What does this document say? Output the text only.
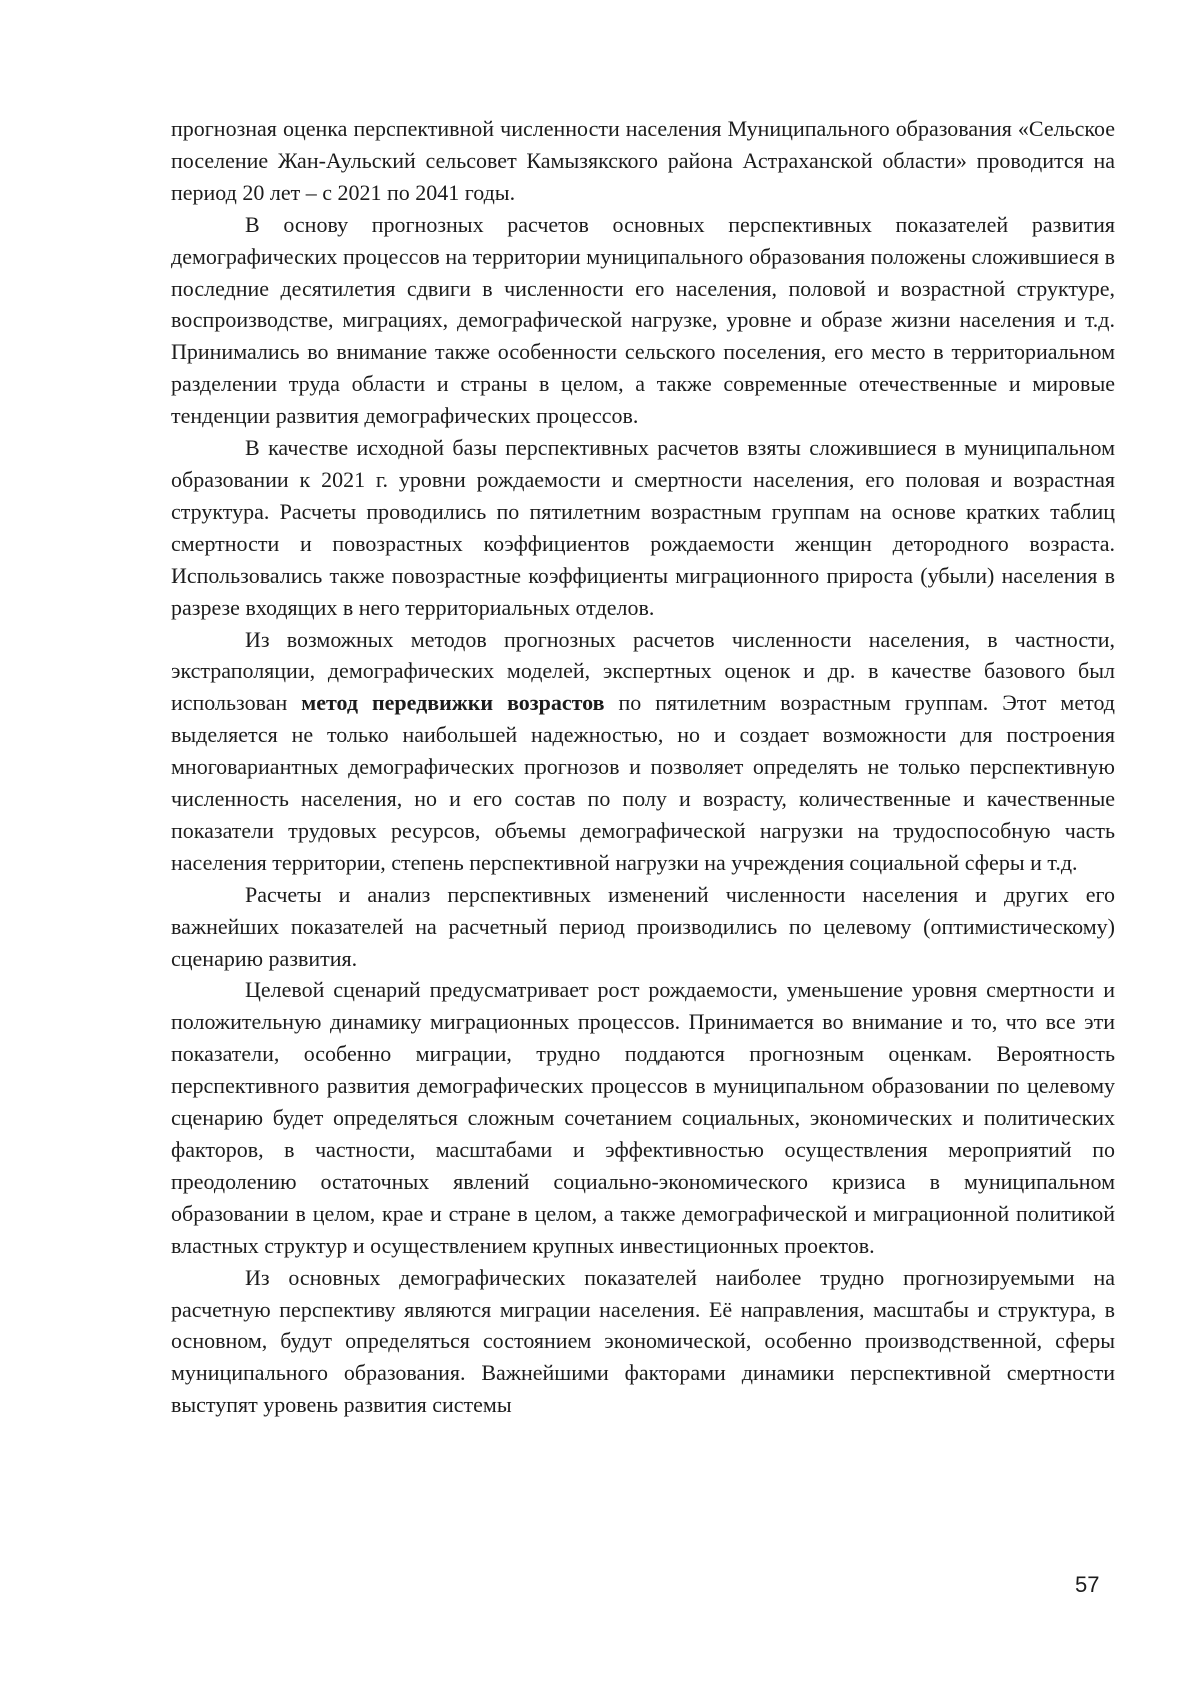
прогнозная оценка перспективной численности населения Муниципального образования «Сельское поселение Жан-Аульский сельсовет Камызякского района Астраханской области» проводится на период 20 лет – с 2021 по 2041 годы.

В основу прогнозных расчетов основных перспективных показателей развития демографических процессов на территории муниципального образования положены сложившиеся в последние десятилетия сдвиги в численности его населения, половой и возрастной структуре, воспроизводстве, миграциях, демографической нагрузке, уровне и образе жизни населения и т.д. Принимались во внимание также особенности сельского поселения, его место в территориальном разделении труда области и страны в целом, а также современные отечественные и мировые тенденции развития демографических процессов.

В качестве исходной базы перспективных расчетов взяты сложившиеся в муниципальном образовании к 2021 г. уровни рождаемости и смертности населения, его половая и возрастная структура. Расчеты проводились по пятилетним возрастным группам на основе кратких таблиц смертности и повозрастных коэффициентов рождаемости женщин детородного возраста. Использовались также повозрастные коэффициенты миграционного прироста (убыли) населения в разрезе входящих в него территориальных отделов.

Из возможных методов прогнозных расчетов численности населения, в частности, экстраполяции, демографических моделей, экспертных оценок и др. в качестве базового был использован метод передвижки возрастов по пятилетним возрастным группам. Этот метод выделяется не только наибольшей надежностью, но и создает возможности для построения многовариантных демографических прогнозов и позволяет определять не только перспективную численность населения, но и его состав по полу и возрасту, количественные и качественные показатели трудовых ресурсов, объемы демографической нагрузки на трудоспособную часть населения территории, степень перспективной нагрузки на учреждения социальной сферы и т.д.

Расчеты и анализ перспективных изменений численности населения и других его важнейших показателей на расчетный период производились по целевому (оптимистическому) сценарию развития.

Целевой сценарий предусматривает рост рождаемости, уменьшение уровня смертности и положительную динамику миграционных процессов. Принимается во внимание и то, что все эти показатели, особенно миграции, трудно поддаются прогнозным оценкам. Вероятность перспективного развития демографических процессов в муниципальном образовании по целевому сценарию будет определяться сложным сочетанием социальных, экономических и политических факторов, в частности, масштабами и эффективностью осуществления мероприятий по преодолению остаточных явлений социально-экономического кризиса в муниципальном образовании в целом, крае и стране в целом, а также демографической и миграционной политикой властных структур и осуществлением крупных инвестиционных проектов.

Из основных демографических показателей наиболее трудно прогнозируемыми на расчетную перспективу являются миграции населения. Её направления, масштабы и структура, в основном, будут определяться состоянием экономической, особенно производственной, сферы муниципального образования. Важнейшими факторами динамики перспективной смертности выступят уровень развития системы

57
